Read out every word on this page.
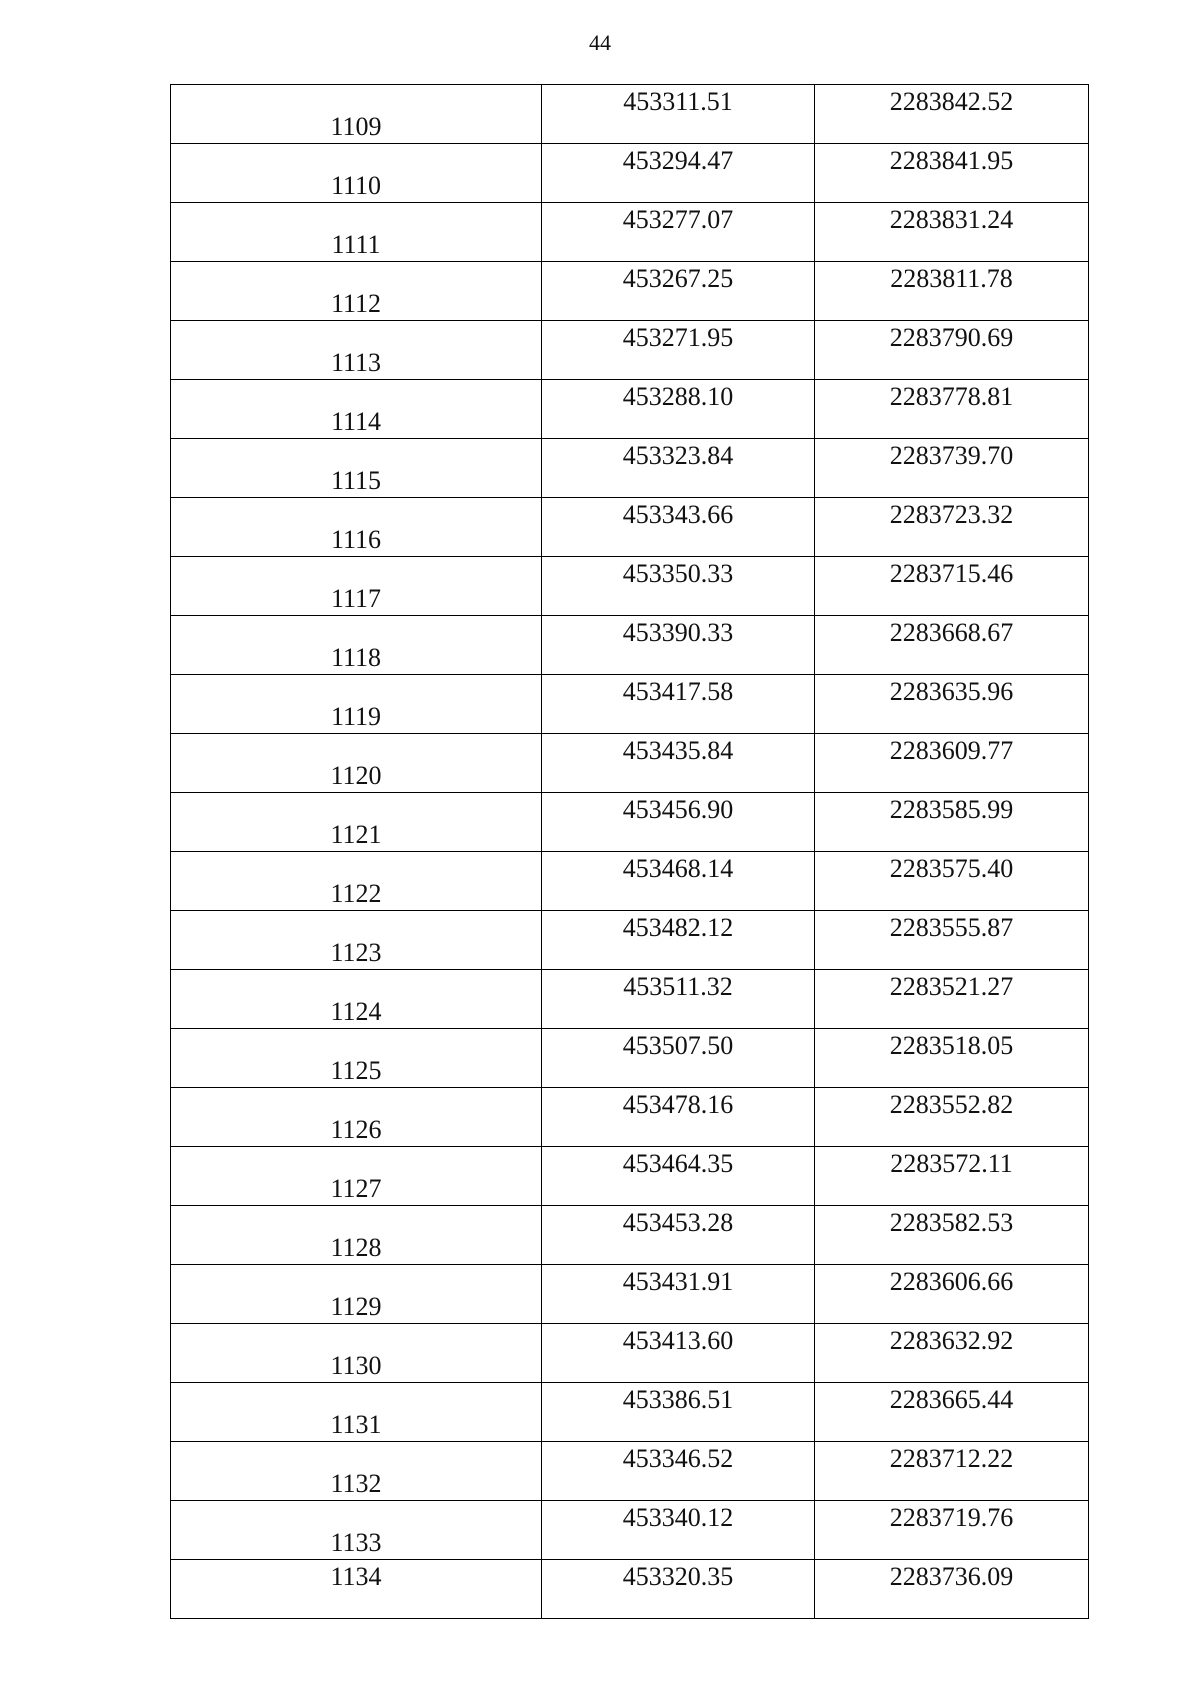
44
1109	453311.51	2283842.52

1110	453294.47	2283841.95

1111	453277.07	2283831.24

1112	453267.25	2283811.78

1113	453271.95	2283790.69

1114	453288.10	2283778.81

1115	453323.84	2283739.70

1116	453343.66	2283723.32

1117	453350.33	2283715.46

1118	453390.33	2283668.67

1119	453417.58	2283635.96

1120	453435.84	2283609.77

1121	453456.90	2283585.99

1122	453468.14	2283575.40

1123	453482.12	2283555.87

1124	453511.32	2283521.27

1125	453507.50	2283518.05

1126	453478.16	2283552.82

1127	453464.35	2283572.11

1128	453453.28	2283582.53

1129	453431.91	2283606.66

1130	453413.60	2283632.92

1131	453386.51	2283665.44

1132	453346.52	2283712.22

1133	453340.12	2283719.76

1134	453320.35	2283736.09
